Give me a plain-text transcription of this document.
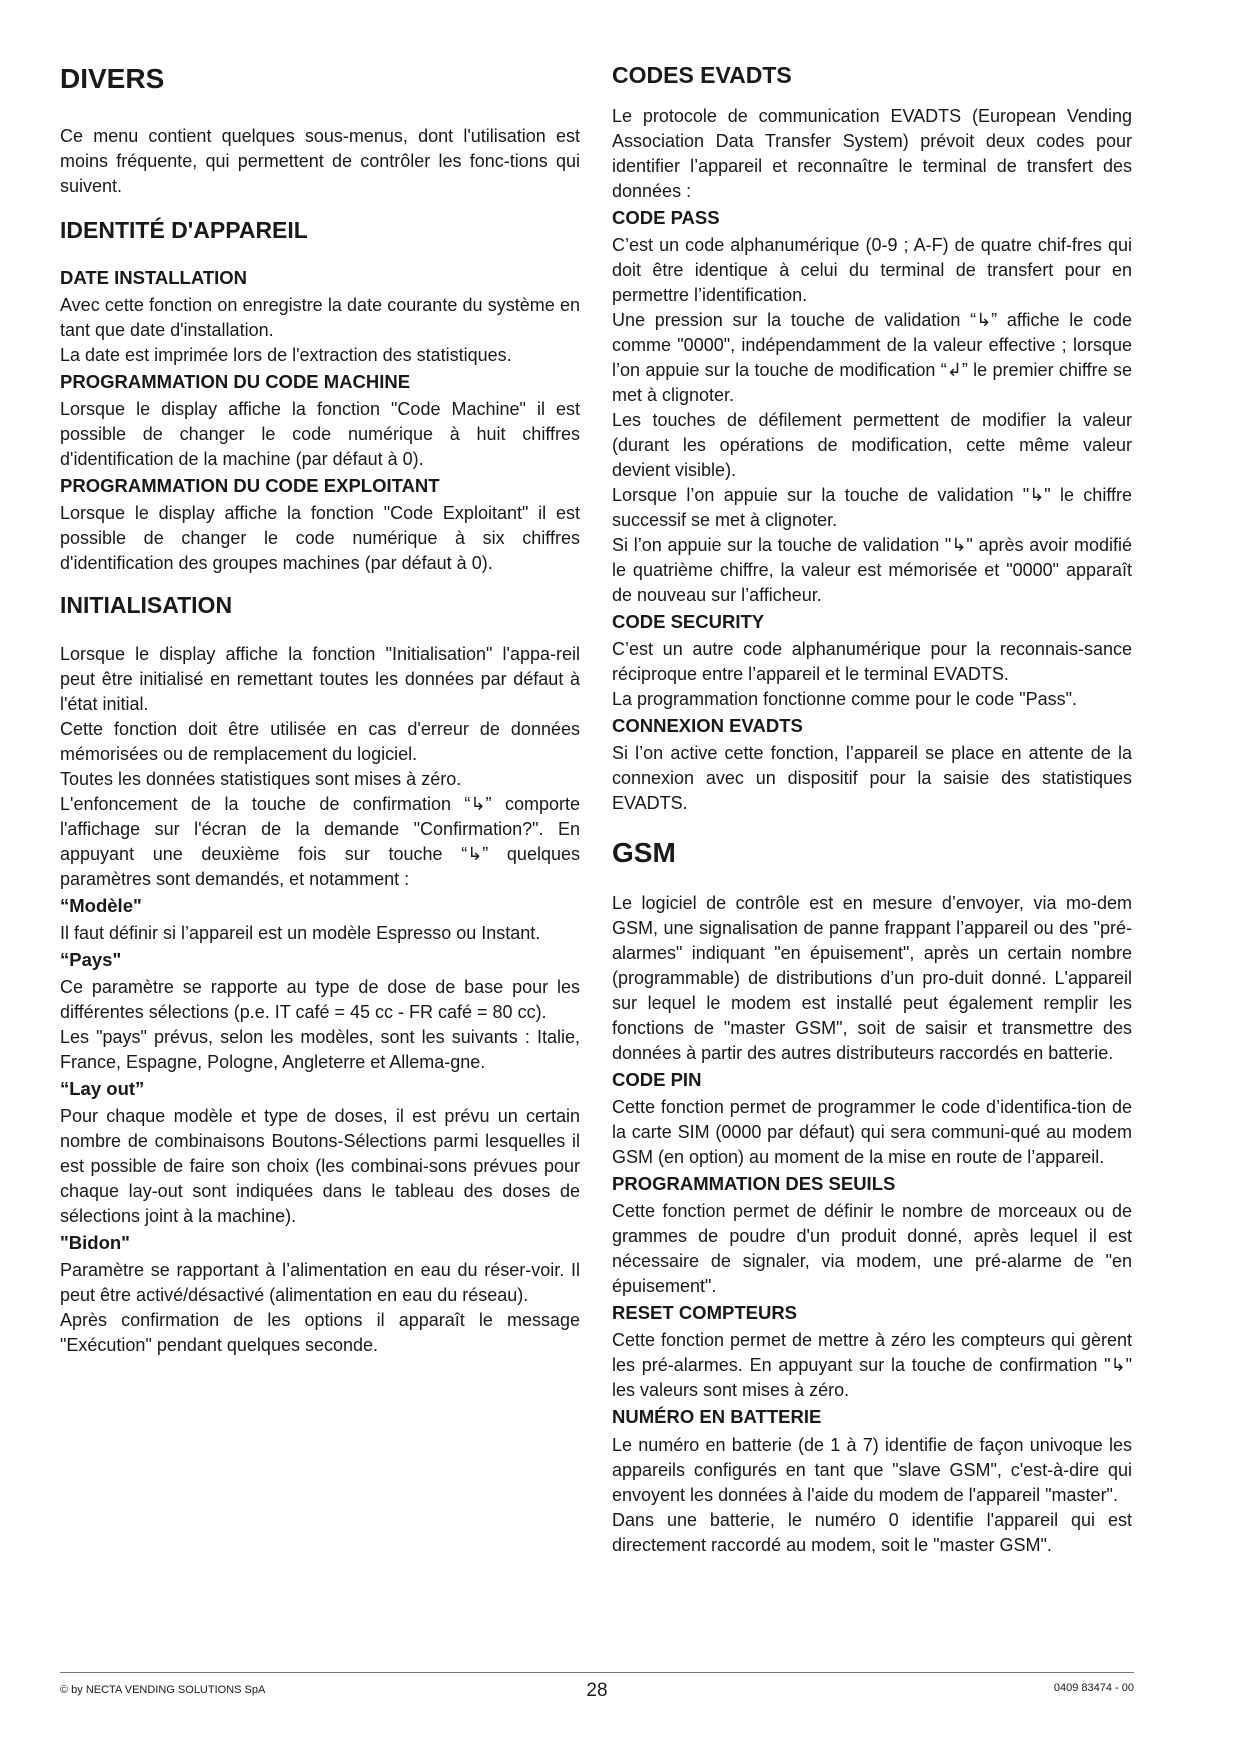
DIVERS

Ce menu contient quelques sous-menus, dont l'utilisation est moins fréquente, qui permettent de contrôler les fonc-tions qui suivent.

IDENTITÉ D'APPAREIL
DATE INSTALLATION

Avec cette fonction on enregistre la date courante du système en tant que date d'installation.

La date est imprimée lors de l'extraction des statistiques.

PROGRAMMATION DU CODE MACHINE

Lorsque le display affiche la fonction "Code Machine" il est possible de changer le code numérique à huit chiffres d'identification de la machine (par défaut à 0).

PROGRAMMATION DU CODE EXPLOITANT

Lorsque le display affiche la fonction "Code Exploitant" il est possible de changer le code numérique à six chiffres d'identification des groupes machines (par défaut à 0).

INITIALISATION

Lorsque le display affiche la fonction "Initialisation" l'appa-reil peut être initialisé en remettant toutes les données par défaut à l'état initial.

Cette fonction doit être utilisée en cas d'erreur de données mémorisées ou de remplacement du logiciel.

Toutes les données statistiques sont mises à zéro.

L'enfoncement de la touche de confirmation “↳” comporte l'affichage sur l'écran de la demande "Confirmation?". En appuyant une deuxième fois sur touche “↳” quelques paramètres sont demandés, et notamment :

“Modèle"

Il faut définir si l’appareil est un modèle Espresso ou Instant.

“Pays"

Ce paramètre se rapporte au type de dose de base pour les différentes sélections (p.e. IT café = 45 cc - FR café = 80 cc).

Les "pays" prévus, selon les modèles, sont les suivants : Italie, France, Espagne, Pologne, Angleterre et Allema-gne.

“Lay out”

Pour chaque modèle et type de doses, il est prévu un certain nombre de combinaisons Boutons-Sélections parmi lesquelles il est possible de faire son choix (les combinai-sons prévues pour chaque lay-out sont indiquées dans le tableau des doses de sélections joint à la machine).

"Bidon"

Paramètre se rapportant à l’alimentation en eau du réser-voir. Il peut être activé/désactivé (alimentation en eau du réseau).

Après confirmation de les options il apparaît le message "Exécution" pendant quelques seconde.

CODES EVADTS

Le protocole de communication EVADTS (European Vending Association Data Transfer System) prévoit deux codes pour identifier l’appareil et reconnaître le terminal de transfert des données :

CODE PASS

C’est un code alphanumérique (0-9 ; A-F) de quatre chif-fres qui doit être identique à celui du terminal de transfert pour en permettre l’identification.

Une pression sur la touche de validation “↳” affiche le code comme "0000", indépendamment de la valeur effective ; lorsque l’on appuie sur la touche de modification “↲” le premier chiffre se met à clignoter.

Les touches de défilement permettent de modifier la valeur (durant les opérations de modification, cette même valeur devient visible).

Lorsque l’on appuie sur la touche de validation "↳" le chiffre successif se met à clignoter.

Si l’on appuie sur la touche de validation "↳" après avoir modifié le quatrième chiffre, la valeur est mémorisée et "0000" apparaît de nouveau sur l’afficheur.

CODE SECURITY

C’est un autre code alphanumérique pour la reconnais-sance réciproque entre l’appareil et le terminal EVADTS.

La programmation fonctionne comme pour le code "Pass".

CONNEXION EVADTS

Si l’on active cette fonction, l’appareil se place en attente de la connexion avec un dispositif pour la saisie des statistiques EVADTS.

GSM

Le logiciel de contrôle est en mesure d’envoyer, via mo-dem GSM, une signalisation de panne frappant l’appareil ou des "pré-alarmes" indiquant "en épuisement", après un certain nombre (programmable) de distributions d’un pro-duit donné. L'appareil sur lequel le modem est installé peut également remplir les fonctions de "master GSM", soit de saisir et transmettre des données à partir des autres distributeurs raccordés en batterie.

CODE PIN

Cette fonction permet de programmer le code d’identifica-tion de la carte SIM (0000 par défaut) qui sera communi-qué au modem GSM (en option) au moment de la mise en route de l’appareil.

PROGRAMMATION DES SEUILS

Cette fonction permet de définir le nombre de morceaux ou de grammes de poudre d'un produit donné, après lequel il est nécessaire de signaler, via modem, une pré-alarme de "en épuisement".

RESET COMPTEURS

Cette fonction permet de mettre à zéro les compteurs qui gèrent les pré-alarmes. En appuyant sur la touche de confirmation "↳" les valeurs sont mises à zéro.

NUMÉRO EN BATTERIE

Le numéro en batterie (de 1 à 7) identifie de façon univoque les appareils configurés en tant que "slave GSM", c'est-à-dire qui envoyent les données à l'aide du modem de l'appareil "master".

Dans une batterie, le numéro 0 identifie l'appareil qui est directement raccordé au modem, soit le "master GSM".

© by NECTA VENDING SOLUTIONS SpA	28	0409 83474 - 00
